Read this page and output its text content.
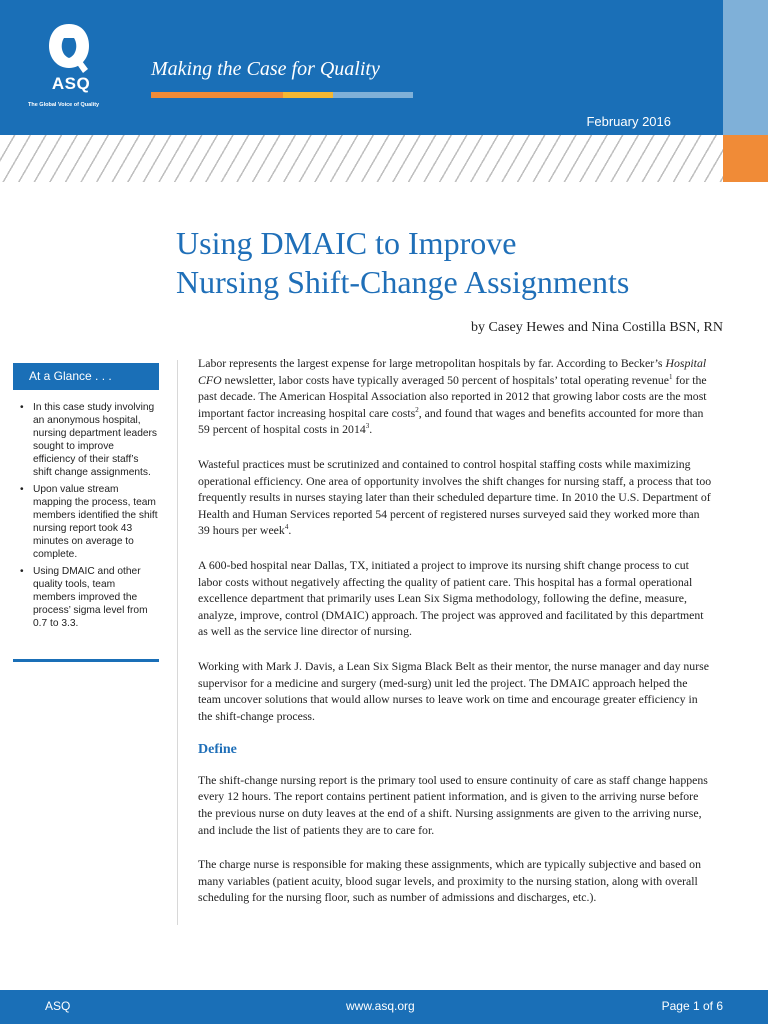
ASQ
The Global Voice of Quality
Making the Case for Quality
February 2016
Using DMAIC to Improve
Nursing Shift-Change Assignments
by Casey Hewes and Nina Costilla BSN, RN
At a Glance . . .
• In this case study involving an anonymous hospital, nursing department leaders sought to improve efficiency of their staff’s shift change assignments.
• Upon value stream mapping the process, team members identified the shift nursing report took 43 minutes on average to complete.
• Using DMAIC and other quality tools, team members improved the process’ sigma level from 0.7 to 3.3.

Labor represents the largest expense for large metropolitan hospitals by far. According to Becker’s Hospital CFO newsletter, labor costs have typically averaged 50 percent of hospitals’ total operating revenue$^1$ for the past decade. The American Hospital Association also reported in 2012 that growing labor costs are the most important factor increasing hospital care costs$^2$, and found that wages and benefits accounted for more than 59 percent of hospital costs in 2014$^3$.

Wasteful practices must be scrutinized and contained to control hospital staffing costs while maximizing operational efficiency. One area of opportunity involves the shift changes for nursing staff, a process that too frequently results in nurses staying later than their scheduled departure time. In 2010 the U.S. Department of Health and Human Services reported 54 percent of registered nurses surveyed said they worked more than 39 hours per week$^4$.

A 600-bed hospital near Dallas, TX, initiated a project to improve its nursing shift change process to cut labor costs without negatively affecting the quality of patient care. This hospital has a formal operational excellence department that primarily uses Lean Six Sigma methodology, following the define, measure, analyze, improve, control (DMAIC) approach. The project was approved and facilitated by this department as well as the service line director of nursing.

Working with Mark J. Davis, a Lean Six Sigma Black Belt as their mentor, the nurse manager and day nurse supervisor for a medicine and surgery (med-surg) unit led the project. The DMAIC approach helped the team uncover solutions that would allow nurses to leave work on time and encourage greater efficiency in the shift-change process.

Define

The shift-change nursing report is the primary tool used to ensure continuity of care as staff change happens every 12 hours. The report contains pertinent patient information, and is given to the arriving nurse before the previous nurse on duty leaves at the end of a shift. Nursing assignments are given to the arriving nurse, and include the list of patients they are to care for.

The charge nurse is responsible for making these assignments, which are typically subjective and based on many variables (patient acuity, blood sugar levels, and proximity to the nursing station, along with overall scheduling for the nursing floor, such as number of admissions and discharges, etc.).

ASQ	www.asq.org	Page 1 of 6
